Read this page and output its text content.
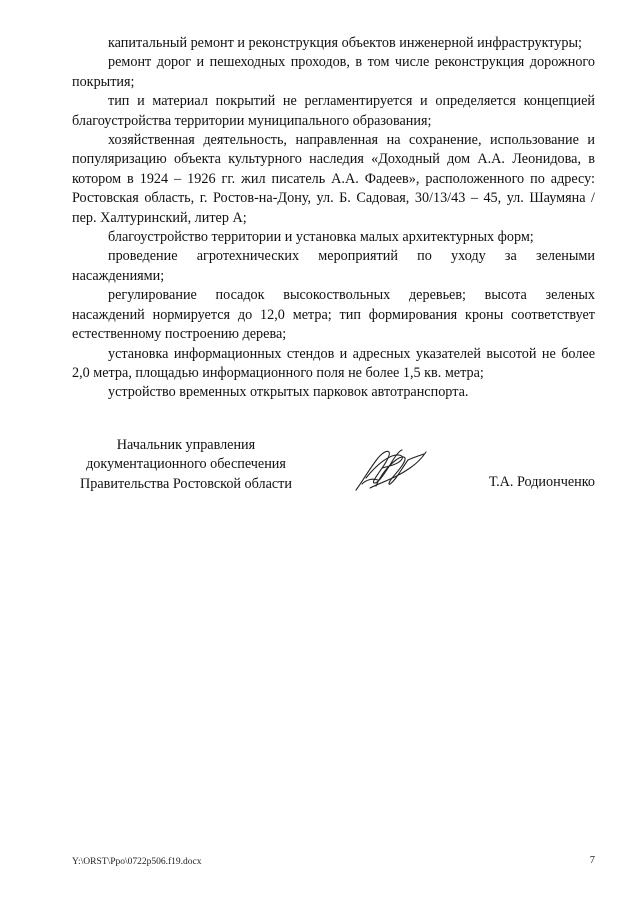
капитальный ремонт и реконструкция объектов инженерной инфраструктуры;

ремонт дорог и пешеходных проходов, в том числе реконструкция дорожного покрытия;

тип и материал покрытий не регламентируется и определяется концепцией благоустройства территории муниципального образования;

хозяйственная деятельность, направленная на сохранение, использование и популяризацию объекта культурного наследия «Доходный дом А.А. Леонидова, в котором в 1924 – 1926 гг. жил писатель А.А. Фадеев», расположенного по адресу: Ростовская область, г. Ростов-на-Дону, ул. Б. Садовая, 30/13/43 – 45, ул. Шаумяна / пер. Халтуринский, литер А;

благоустройство территории и установка малых архитектурных форм;

проведение агротехнических мероприятий по уходу за зелеными насаждениями;

регулирование посадок высокоствольных деревьев; высота зеленых насаждений нормируется до 12,0 метра; тип формирования кроны соответствует естественному построению дерева;

установка информационных стендов и адресных указателей высотой не более 2,0 метра, площадью информационного поля не более 1,5 кв. метра;

устройство временных открытых парковок автотранспорта.

Начальник управления
документационного обеспечения
Правительства Ростовской области	Т.А. Родионченко
Y:\ORST\Ppo\0722p506.f19.docx	7
